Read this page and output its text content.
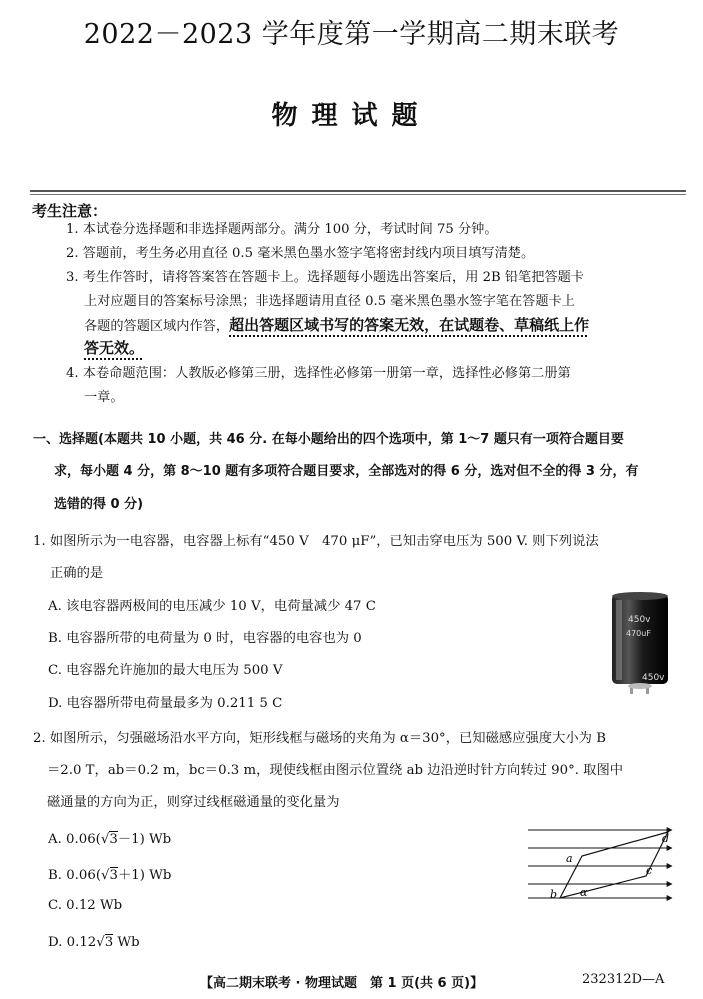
2022－2023 学年度第一学期高二期末联考
物理试题
考生注意：
1. 本试卷分选择题和非选择题两部分。满分 100 分，考试时间 75 分钟。
2. 答题前，考生务必用直径 0.5 毫米黑色墨水签字笔将密封线内项目填写清楚。
3. 考生作答时，请将答案答在答题卡上。选择题每小题选出答案后，用 2B 铅笔把答题卡
上对应题目的答案标号涂黑；非选择题请用直径 0.5 毫米黑色墨水签字笔在答题卡上
各题的答题区域内作答，超出答题区域书写的答案无效，在试题卷、草稿纸上作
答无效。
4. 本卷命题范围：人教版必修第三册，选择性必修第一册第一章，选择性必修第二册第
一章。
一、选择题(本题共 10 小题，共 46 分. 在每小题给出的四个选项中，第 1～7 题只有一项符合题目要
求，每小题 4 分，第 8～10 题有多项符合题目要求，全部选对的得 6 分，选对但不全的得 3 分，有
选错的得 0 分)
1. 如图所示为一电容器，电容器上标有“450 V　470 μF”，已知击穿电压为 500 V. 则下列说法
正确的是
A. 该电容器两极间的电压减少 10 V，电荷量减少 47 C
B. 电容器所带的电荷量为 0 时，电容器的电容也为 0
C. 电容器允许施加的最大电压为 500 V
D. 电容器所带电荷量最多为 0.211 5 C
450v
470uF
450v
2. 如图所示，匀强磁场沿水平方向，矩形线框与磁场的夹角为 α＝30°，已知磁感应强度大小为 B
＝2.0 T，ab＝0.2 m，bc＝0.3 m，现使线框由图示位置绕 ab 边沿逆时针方向转过 90°. 取图中
磁通量的方向为正，则穿过线框磁通量的变化量为
A. 0.06(√3－1) Wb
B. 0.06(√3＋1) Wb
C. 0.12 Wb
D. 0.12√3 Wb
a
b
c
d
α
【高二期末联考 · 物理试题　第 1 页(共 6 页)】	232312D—A
